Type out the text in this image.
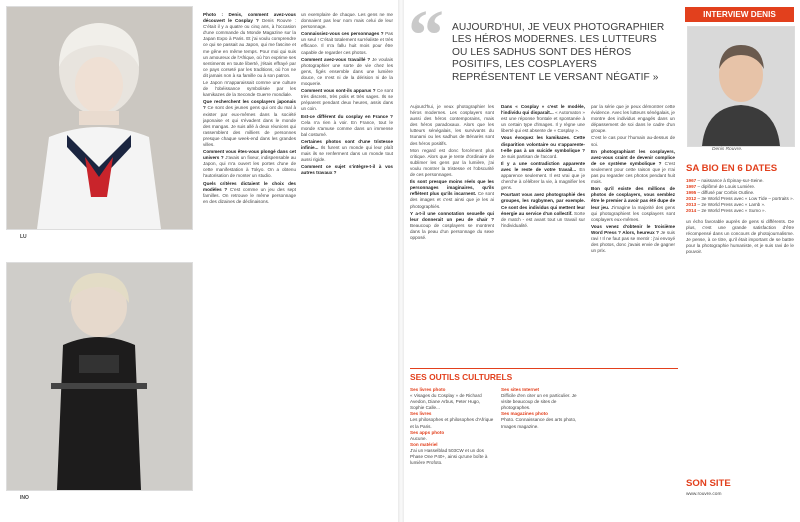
LU
INO

Photo : Denis, comment avez-vous découvert le Cosplay ? Denis Rouvre : C'était il y a quatre ou cinq ans, à l'occasion d'une commande du Monde Magazine sur la Japan Expo à Paris. Et j'ai voulu comprendre ce qui se passait au Japon, qui me fascine et me gêne en même temps. Pour moi qui suis un amoureux de l'Afrique, où l'on exprime ses sentiments en toute liberté, j'étais effrayé par ce pays corseté par les traditions, où l'on ne dit jamais non à sa famille ou à son patron.

Le Japon m'apparaissait comme une culture de l'obéissance symbolisée par les kamikazes de la Seconde Guerre mondiale.

Que recherchent les cosplayers japonais ? Ce sont des jeunes gens qui ont du mal à exister par eux-mêmes dans la société japonaise et qui s'évadent dans le monde des mangas. Je suis allé à deux réunions qui rassemblent des milliers de personnes presque chaque week-end dans les grandes villes.

Comment vous êtes-vous plongé dans cet univers ? J'avais un fixeur, indispensable au Japon, qui m'a ouvert les portes d'une de cette manifestation à Tokyo. On a obtenu l'autorisation de monter un studio.

Quels critères dictaient le choix des modèles ? C'est comme un jeu des sept familles. On retrouve le même personnage en des dizaines de déclinaisons.

un exemplaire de chaque. Les gens ne me donnaient pas leur nom mais celui de leur personnage.

Connaissiez-vous ces personnages ? Pas un seul ! C'était totalement surréaliste et très efficace. Il m'a fallu huit mois pour être capable de regarder ces photos.

Comment avez-vous travaillé ? Je voulais photographier une sorte de vie chez les gens, figés ensemble dans une lumière douce, ce n'est ni de la dérision ni de la moquerie.

Comment vous sont-ils apparus ? Ce sont très discrets, très polis et très sages. Ils se préparent pendant deux heures, assis dans un coin.

Est-ce différent du cosplay en France ? Cela n'a rien à voir. En France, tout le monde s'amuse comme dans un immense bal costumé.

Certaines photos sont d'une tristesse infinie... Ils furent un monde qui leur plaît mais ils se renferment dans un monde tout aussi rigide.

Comment ce sujet s'intègre-t-il à vos autres travaux ?

“ AUJOURD'HUI, JE VEUX PHOTOGRAPHIER LES HÉROS MODERNES. LES LUTTEURS OU LES SADHUS SONT DES HÉROS POSITIFS, LES COSPLAYERS REPRÉSENTENT LE VERSANT NÉGATIF »

Aujourd'hui, je veux photographier les héros modernes. Les cosplayers sont aussi des héros contemporains, mais des héros paradoxaux. Alors que les lutteurs sénégalais, les survivants du tsunami ou les sadhus de Bénarès sont des héros positifs.

Mon regard est donc forcément plus critique. Alors que je tente d'ordinaire de sublimer les gens par la lumière, j'ai voulu montrer la tristesse et l'obscurité de ces personnages.

Ils sont presque moins réels que les personnages imaginaires, qu'ils reflètent plus qu'ils incarnent. Ce sont des images et c'est ainsi que je les ai photographiés.

Y a-t-il une connotation sexuelle qui leur donnerait un peu de chair ? Beaucoup de cosplayers se montrent dans la peau d'un personnage du sexe opposé.

Dans « Cosplay » c'est le modèle, l'individu qui disparaît... « Automaton » est une réponse frontale et spontanée à un certain type d'images. Il y règne une liberté qui est absente de « Cosplay ».

Vous évoquez les kamikazes. Cette disparition volontaire ou s'apparente-t-elle pas à un suicide symbolique ? Je suis partisan de l'accord.

Il y a une contradiction apparente avec le reste de votre travail... En apparence seulement. Il est vrai que je cherche à célébrer la vie, à magnifier les gens.

Pourtant vous avez photographié des groupes, les rugbymen, par exemple. Ce sont des individus qui mettent leur énergie au service d'un collectif. Sorte de match - est avant tout un travail sur l'individualité.

par la série que je peux démontrer cette évidence. Avec les lutteurs sénégalais, je montre des individus engagés dans un dépassement de soi dans le cadre d'un groupe.

C'est le cas pour l'humain au-dessus de soi.

En photographiant les cosplayers, avez-vous craint de devenir complice de ce système symbolique ? C'est seulement pour cette raison que je n'ai pas pu regarder ces photos pendant huit mois.

Bon qu'il existe des millions de photos de cosplayers, vous semblez être le premier à avoir pas été dupe de leur jeu. J'imagine la majorité des gens qui photographient les cosplayers sont cosplayers eux-mêmes.

Vous venez d'obtenir le troisième Word Press ? Alors, heureux ? Je suis ravi ! Il ne faut pas se mentir : j'ai envoyé des photos, donc j'avais envie de gagner un prix.

SES OUTILS CULTURELS
Ses livres photo
« Visages du Cosplay » de Richard Avedon, Diane Arbus, Peter Hugo, Sophie Calle...
Ses livres
Les philosophes et philosophes d'Afrique et la Paris.
Ses apps photo
Aucune.
Son matériel
J'ai un Hasselblad 503CW et un dos Phase One P40+, ainsi qu'une boîte à lumière Profoto.
Ses sites Internet
Difficile d'en citer un en particulier. Je visite beaucoup de sites de photographes.
Ses magazines photo
Photo. Connaissance des arts photo, Images magazine.
INTERVIEW DENIS
Denis Rouvre.
SA BIO EN 6 DATES
1967 – naissance à Épinay-sur-Seine.
1997 – diplômé de Louis Lumière.
1995 – diffusé par Corbis Outline.
2012 – 3e World Press avec « Low Tide – portraits ».
2013 – 2e World Press avec « Lamb ».
2014 – 2e World Press avec « Sumo ».
un écho favorable auprès de gens si différents. De plus, c'est une grande satisfaction d'être récompensé dans un concours de photojournalisme. Je pense, à ce titre, qu'il était important de se battre pour la photographie humaniste, et je suis ravi de le pouvoir.
SON SITE
www.rouvre.com
